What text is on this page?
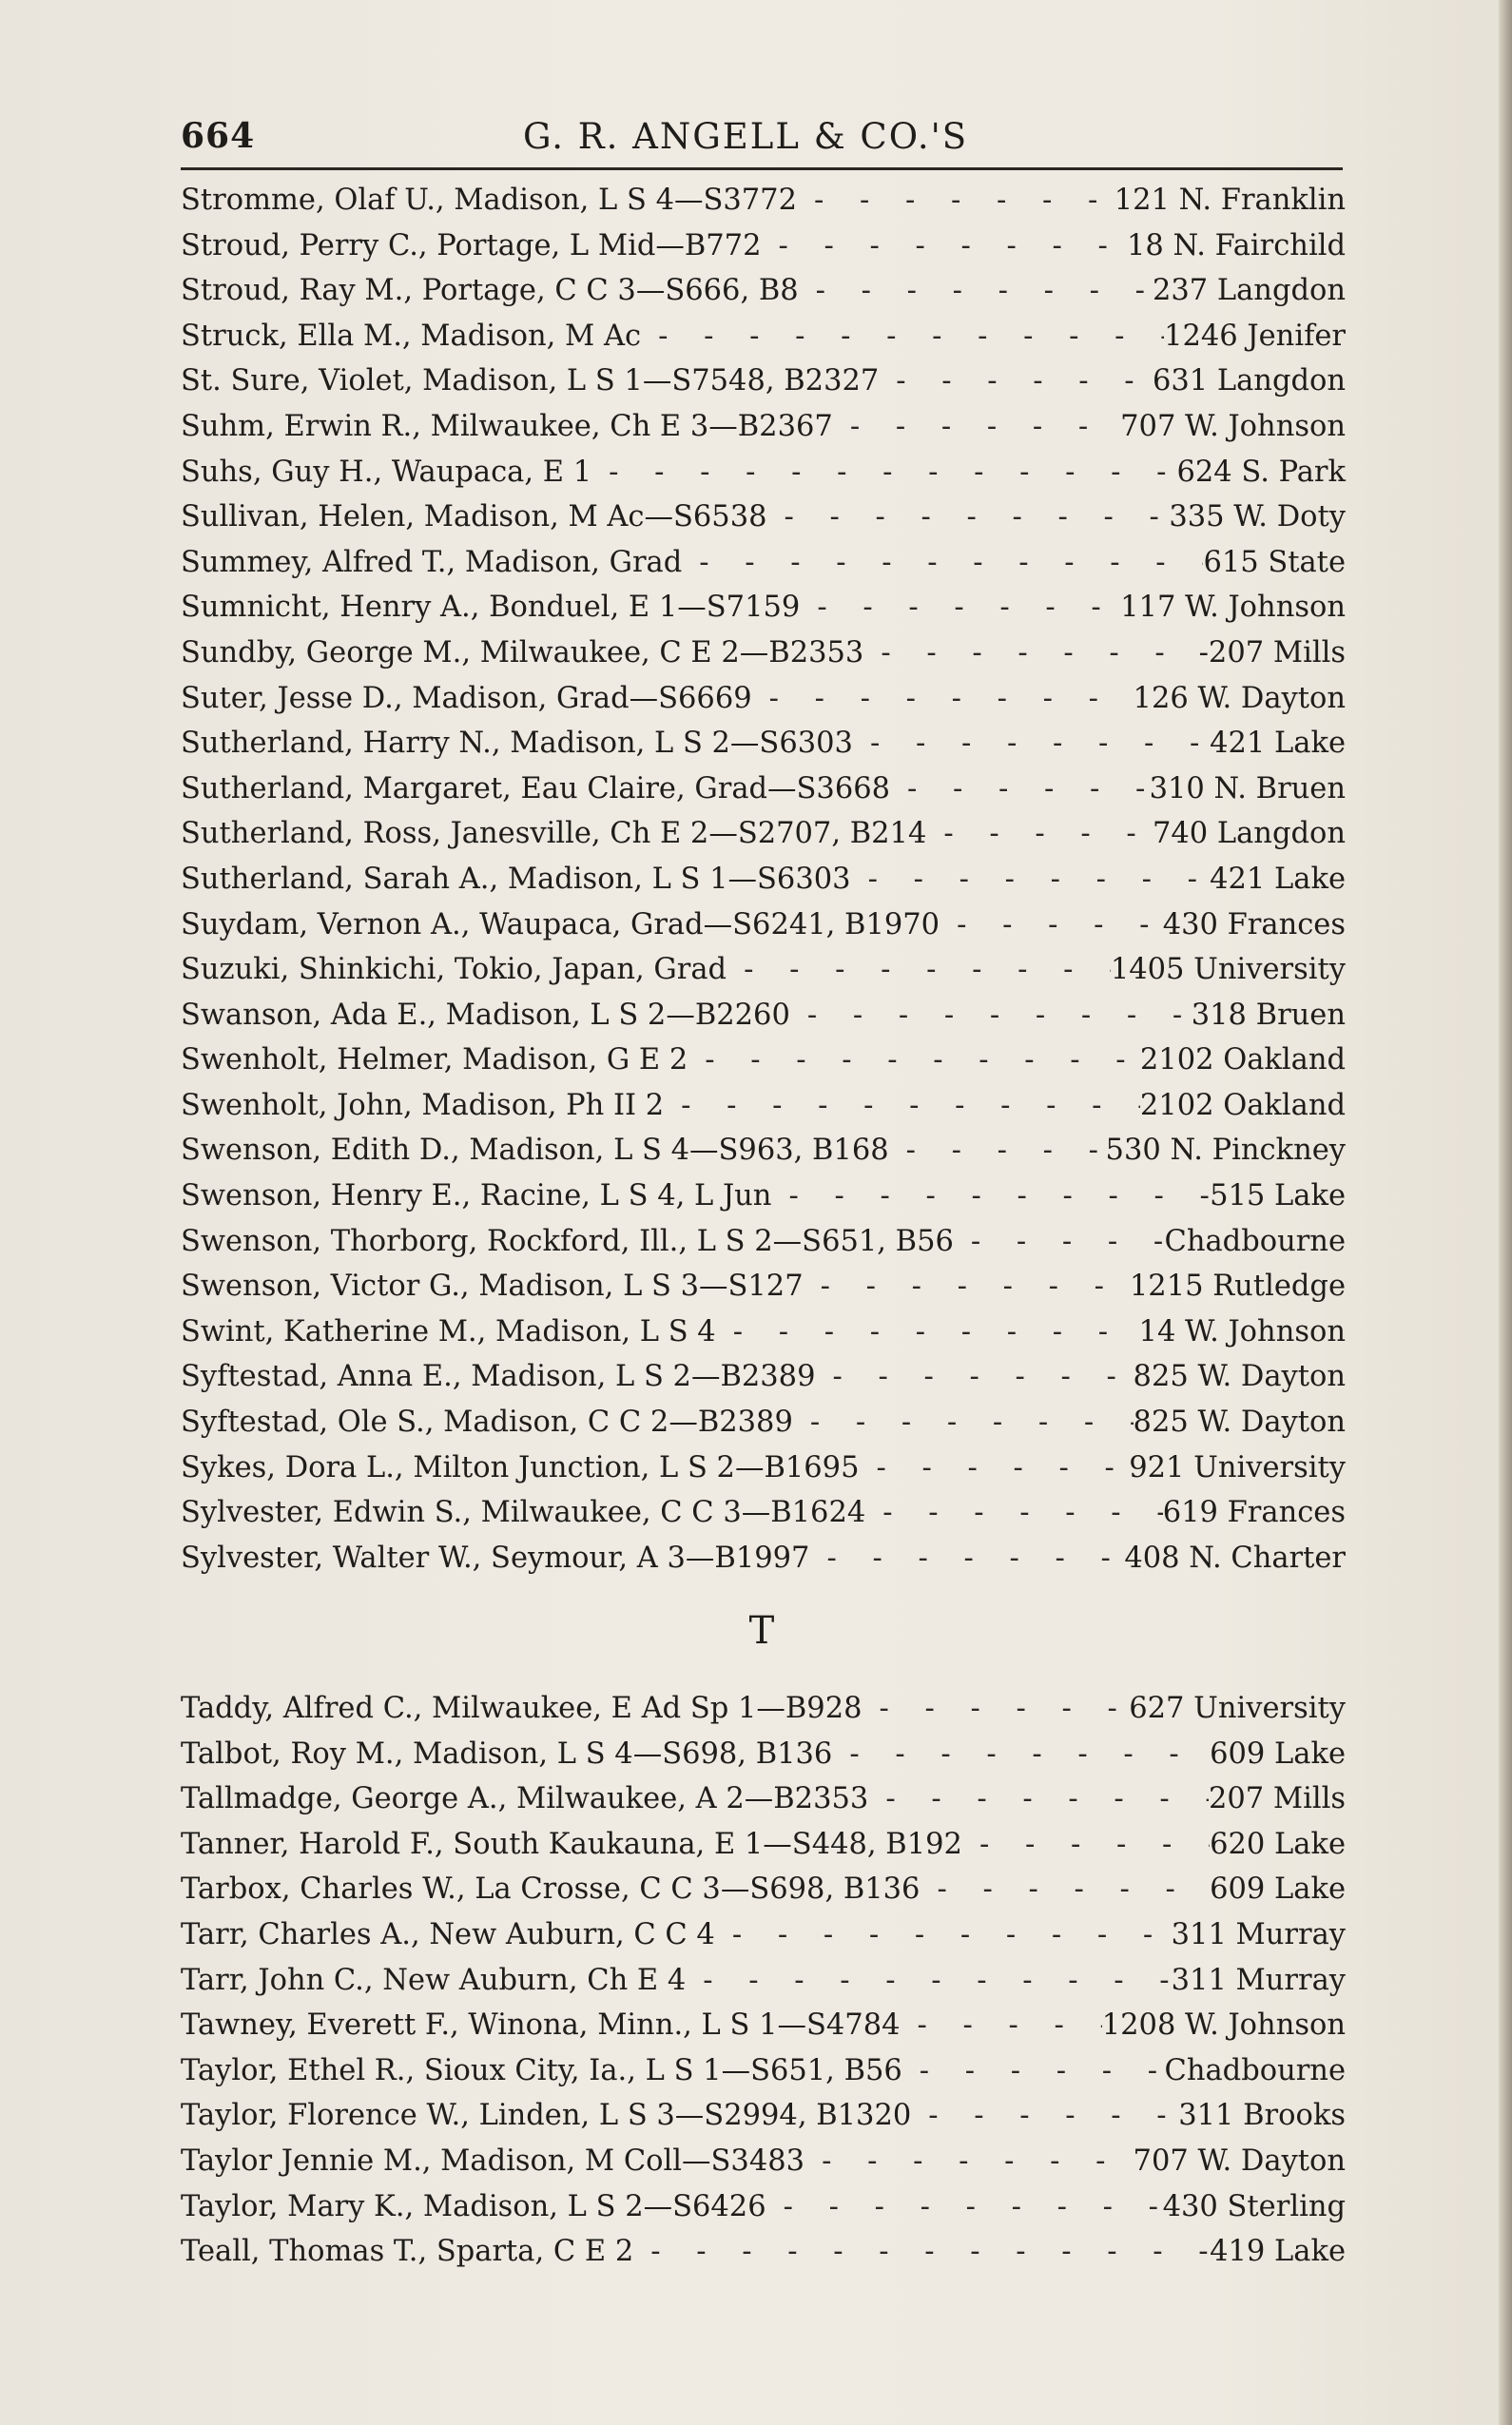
664	G. R. ANGELL & CO.'S
Stromme, Olaf U., Madison, L S 4—S3772 - - -	121 N. Franklin
Stroud, Perry C., Portage, L Mid—B772 - - -	18 N. Fairchild
Stroud, Ray M., Portage, C C 3—S666, B8 - - -	237 Langdon
Struck, Ella M., Madison, M Ac - - -	1246 Jenifer
St. Sure, Violet, Madison, L S 1—S7548, B2327 - - -	631 Langdon
Suhm, Erwin R., Milwaukee, Ch E 3—B2367 - - -	707 W. Johnson
Suhs, Guy H., Waupaca, E 1 - - -	624 S. Park
Sullivan, Helen, Madison, M Ac—S6538 - - -	335 W. Doty
Summey, Alfred T., Madison, Grad - - -	615 State
Sumnicht, Henry A., Bonduel, E 1—S7159 - - -	117 W. Johnson
Sundby, George M., Milwaukee, C E 2—B2353 - - -	-207 Mills
Suter, Jesse D., Madison, Grad—S6669 - - -	126 W. Dayton
Sutherland, Harry N., Madison, L S 2—S6303 - - -	421 Lake
Sutherland, Margaret, Eau Claire, Grad—S3668 - - -	310 N. Bruen
Sutherland, Ross, Janesville, Ch E 2—S2707, B214 - - -	740 Langdon
Sutherland, Sarah A., Madison, L S 1—S6303 - - -	421 Lake
Suydam, Vernon A., Waupaca, Grad—S6241, B1970 - - -	430 Frances
Suzuki, Shinkichi, Tokio, Japan, Grad - - -	1405 University
Swanson, Ada E., Madison, L S 2—B2260 - - -	318 Bruen
Swenholt, Helmer, Madison, G E 2 - - -	2102 Oakland
Swenholt, John, Madison, Ph II 2 - - -	2102 Oakland
Swenson, Edith D., Madison, L S 4—S963, B168 - - -	530 N. Pinckney
Swenson, Henry E., Racine, L S 4, L Jun - - -	515 Lake
Swenson, Thorborg, Rockford, Ill., L S 2—S651, B56 - - -	Chadbourne
Swenson, Victor G., Madison, L S 3—S127 - - -	1215 Rutledge
Swint, Katherine M., Madison, L S 4 - - -	14 W. Johnson
Syftestad, Anna E., Madison, L S 2—B2389 - - -	825 W. Dayton
Syftestad, Ole S., Madison, C C 2—B2389 - - -	825 W. Dayton
Sykes, Dora L., Milton Junction, L S 2—B1695 - - -	921 University
Sylvester, Edwin S., Milwaukee, C C 3—B1624 - - -	619 Frances
Sylvester, Walter W., Seymour, A 3—B1997 - - -	408 N. Charter
T
Taddy, Alfred C., Milwaukee, E Ad Sp 1—B928 - - -	627 University
Talbot, Roy M., Madison, L S 4—S698, B136 - - -	609 Lake
Tallmadge, George A., Milwaukee, A 2—B2353 - - -	207 Mills
Tanner, Harold F., South Kaukauna, E 1—S448, B192 - - -	620 Lake
Tarbox, Charles W., La Crosse, C C 3—S698, B136 - - -	609 Lake
Tarr, Charles A., New Auburn, C C 4 - - -	311 Murray
Tarr, John C., New Auburn, Ch E 4 - - -	311 Murray
Tawney, Everett F., Winona, Minn., L S 1—S4784 - - -	1208 W. Johnson
Taylor, Ethel R., Sioux City, Ia., L S 1—S651, B56 - - -	Chadbourne
Taylor, Florence W., Linden, L S 3—S2994, B1320 - - -	311 Brooks
Taylor Jennie M., Madison, M Coll—S3483 - - -	707 W. Dayton
Taylor, Mary K., Madison, L S 2—S6426 - - -	430 Sterling
Teall, Thomas T., Sparta, C E 2 - - -	419 Lake
